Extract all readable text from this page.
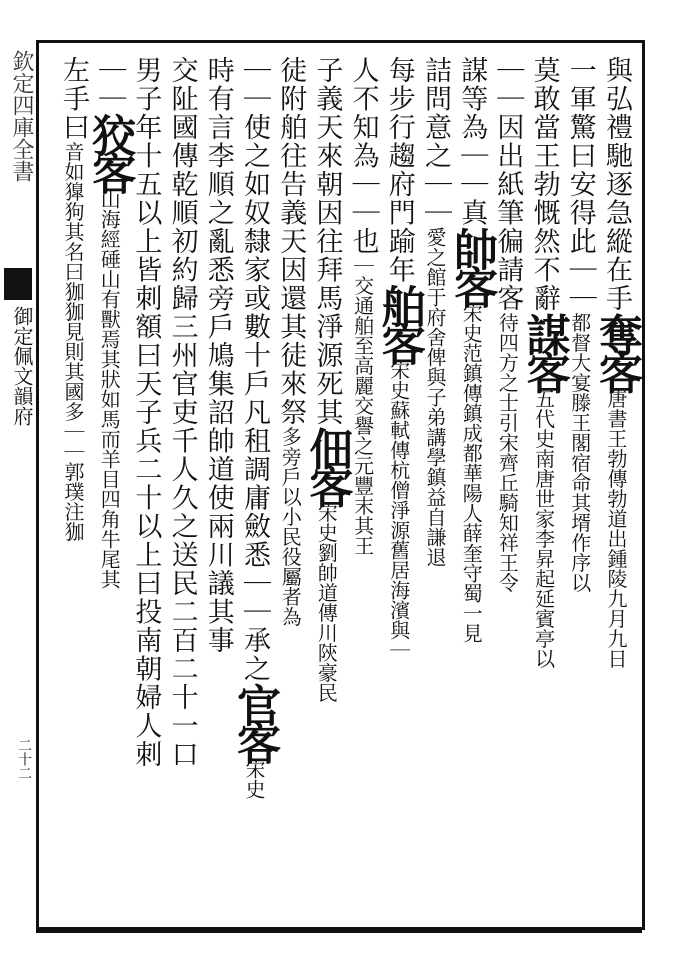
欽定四庫全書
御定佩文韻府
二十二
與弘禮馳逐急縱在手奪客唐書王勃傳勃道出鍾陵九月九日
一軍驚曰安得此｜｜都督大宴滕王閣宿命其壻作序以
莫敢當王勃慨然不辭謀客五代史南唐世家李昇起延賓亭以
｜｜因出紙筆徧請客待四方之士引宋齊丘騎知祥王令
謀等為｜｜真帥客宋史范鎮傳鎮成都華陽人薛奎守蜀一見
詰問意之｜｜愛之館于府舍俾與子弟講學鎮益自謙退
每步行趨府門踰年舶客宋史蘇軾傳杭僧淨源舊居海濱與｜
人不知為｜｜也｜交通舶至高麗交譽之元豐末其王
子義天來朝因往拜馬淨源死其佃客宋史劉帥道傳川陝豪民
徒附舶往告義天因還其徒來祭多旁戶以小民役屬者為
｜｜使之如奴隸家或數十戶凡租調庸斂悉｜｜承之官客宋史
時有言李順之亂悉旁戶鳩集詔帥道使兩川議其事
交阯國傳乾順初約歸三州官吏千人久之送民二百二十一口
男子年十五以上皆刺額曰天子兵二十以上曰投南朝婦人刺
｜｜狡客山海經硾山有獸焉其狀如馬而羊目四角牛尾其
左手曰音如獋狗其名曰㹢㹢見則其國多｜｜郭璞注㹢
